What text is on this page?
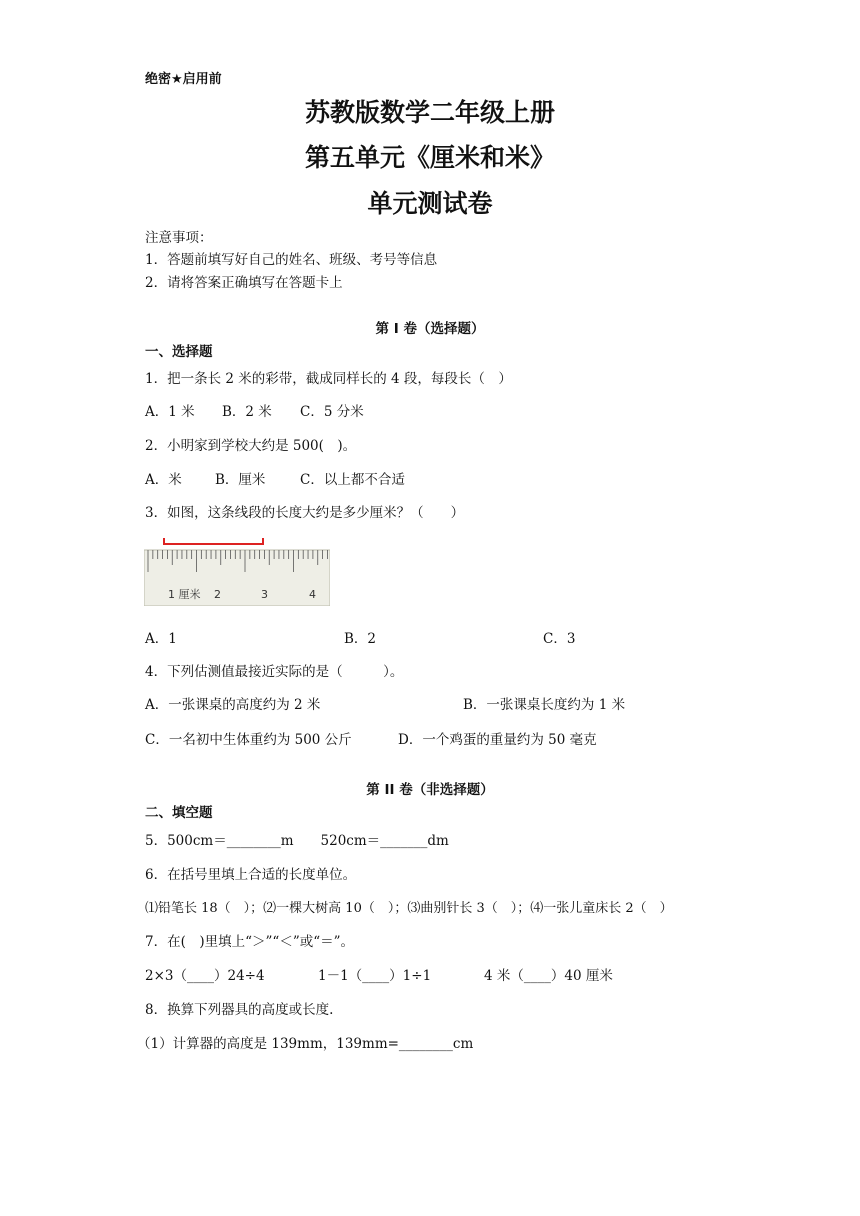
绝密★启用前
苏教版数学二年级上册
第五单元《厘米和米》
单元测试卷
注意事项：
1．答题前填写好自己的姓名、班级、考号等信息
2．请将答案正确填写在答题卡上
第 I 卷（选择题）
一、选择题
1．把一条长 2 米的彩带，截成同样长的 4 段，每段长（　）
A．1 米 B．2 米 C．5 分米
2．小明家到学校大约是 500(　)。
A．米 B．厘米	C．以上都不合适
3．如图，这条线段的长度大约是多少厘米？（　　）
1 厘米 2	3	4
A．1	B．2	C．3
4．下列估测值最接近实际的是（　　　）。
A．一张课桌的高度约为 2 米	B．一张课桌长度约为 1 米
C．一名初中生体重约为 500 公斤	D．一个鸡蛋的重量约为 50 毫克
第 II 卷（非选择题）
二、填空题
5．500cm＝________m　　520cm＝_______dm
6．在括号里填上合适的长度单位。
⑴铅笔长 18（　）；⑵一棵大树高 10（　）；⑶曲别针长 3（　）；⑷一张儿童床长 2（　）
7．在(　)里填上“＞”“＜”或“＝”。
2×3（____）24÷4	1－1（____）1÷1	4 米（____）40 厘米
8．换算下列器具的高度或长度.
（1）计算器的高度是 139mm，139mm=________cm
